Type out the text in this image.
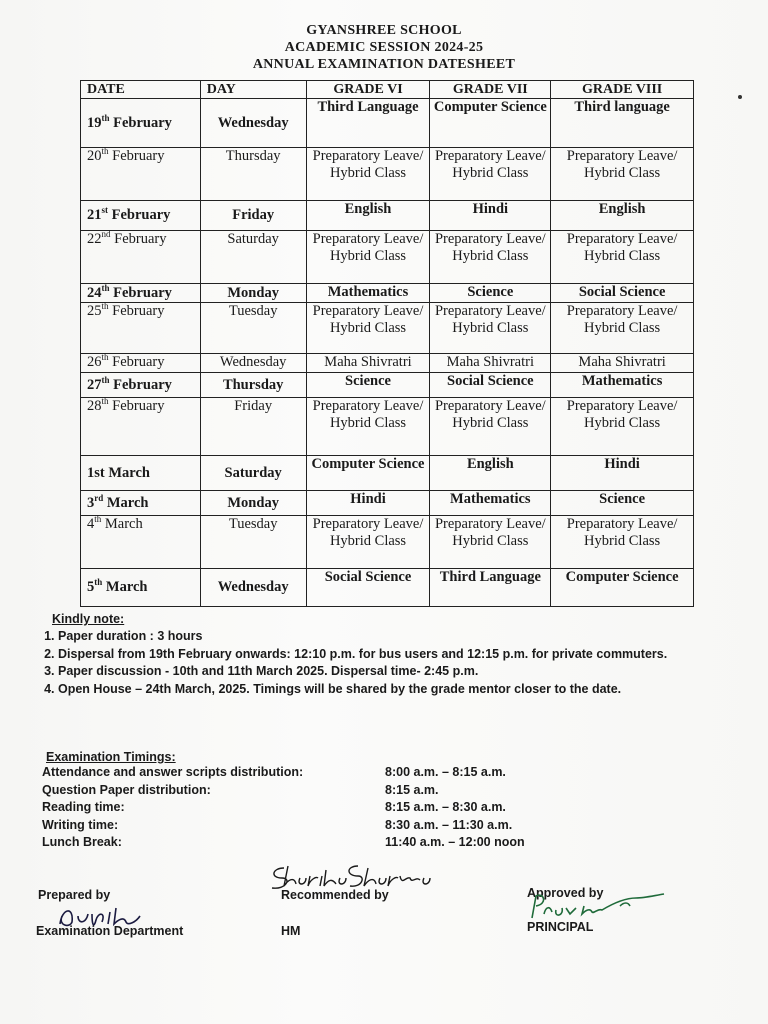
GYANSHREE SCHOOL
ACADEMIC SESSION 2024-25
ANNUAL EXAMINATION DATESHEET
DATE	DAY	GRADE VI	GRADE VII	GRADE VIII
19th February	Wednesday	Third Language	Computer Science	Third language
20th February	Thursday	Preparatory Leave/ Hybrid Class	Preparatory Leave/ Hybrid Class	Preparatory Leave/ Hybrid Class
21st February	Friday	English	Hindi	English
22nd February	Saturday	Preparatory Leave/ Hybrid Class	Preparatory Leave/ Hybrid Class	Preparatory Leave/ Hybrid Class
24th February	Monday	Mathematics	Science	Social Science
25th February	Tuesday	Preparatory Leave/ Hybrid Class	Preparatory Leave/ Hybrid Class	Preparatory Leave/ Hybrid Class
26th February	Wednesday	Maha Shivratri	Maha Shivratri	Maha Shivratri
27th February	Thursday	Science	Social Science	Mathematics
28th February	Friday	Preparatory Leave/ Hybrid Class	Preparatory Leave/ Hybrid Class	Preparatory Leave/ Hybrid Class
1st March	Saturday	Computer Science	English	Hindi
3rd March	Monday	Hindi	Mathematics	Science
4th March	Tuesday	Preparatory Leave/ Hybrid Class	Preparatory Leave/ Hybrid Class	Preparatory Leave/ Hybrid Class
5th March	Wednesday	Social Science	Third Language	Computer Science
Kindly note:
1. Paper duration : 3 hours
2. Dispersal from 19th February onwards: 12:10 p.m. for bus users and 12:15 p.m. for private commuters.
3. Paper discussion - 10th and 11th March 2025. Dispersal time- 2:45 p.m.
4. Open House – 24th March, 2025. Timings will be shared by the grade mentor closer to the date.
Examination Timings:
Attendance and answer scripts distribution:	8:00 a.m. – 8:15 a.m.
Question Paper distribution:	8:15 a.m.
Reading time:	8:15 a.m. – 8:30 a.m.
Writing time:	8:30 a.m. – 11:30 a.m.
Lunch Break:	11:40 a.m. – 12:00 noon
Prepared by
Examination Department
Recommended by
HM
Approved by
PRINCIPAL
